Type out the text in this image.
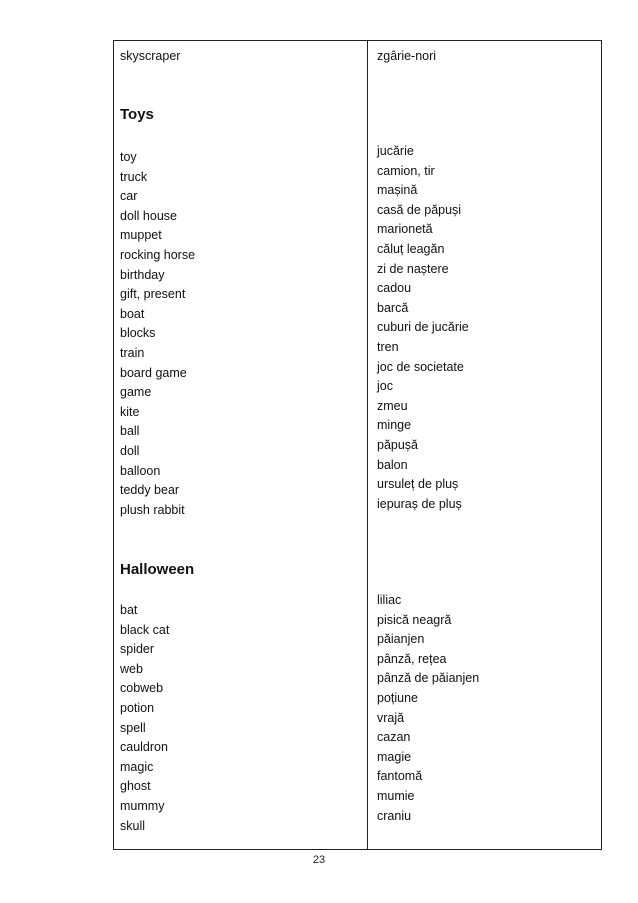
skyscraper
Toys
toy
truck
car
doll house
muppet
rocking horse
birthday
gift, present
boat
blocks
train
board game
game
kite
ball
doll
balloon
teddy bear
plush rabbit
Halloween
bat
black cat
spider
web
cobweb
potion
spell
cauldron
magic
ghost
mummy
skull
zgârie-nori
jucărie
camion, tir
mașină
casă de păpuși
marionetă
căluț leagăn
zi de naștere
cadou
barcă
cuburi de jucărie
tren
joc de societate
joc
zmeu
minge
păpușă
balon
ursuleț de pluș
iepuraș de pluș
liliac
pisică neagră
păianjen
pânză, rețea
pânză de păianjen
poțiune
vrajă
cazan
magie
fantomă
mumie
craniu
23
